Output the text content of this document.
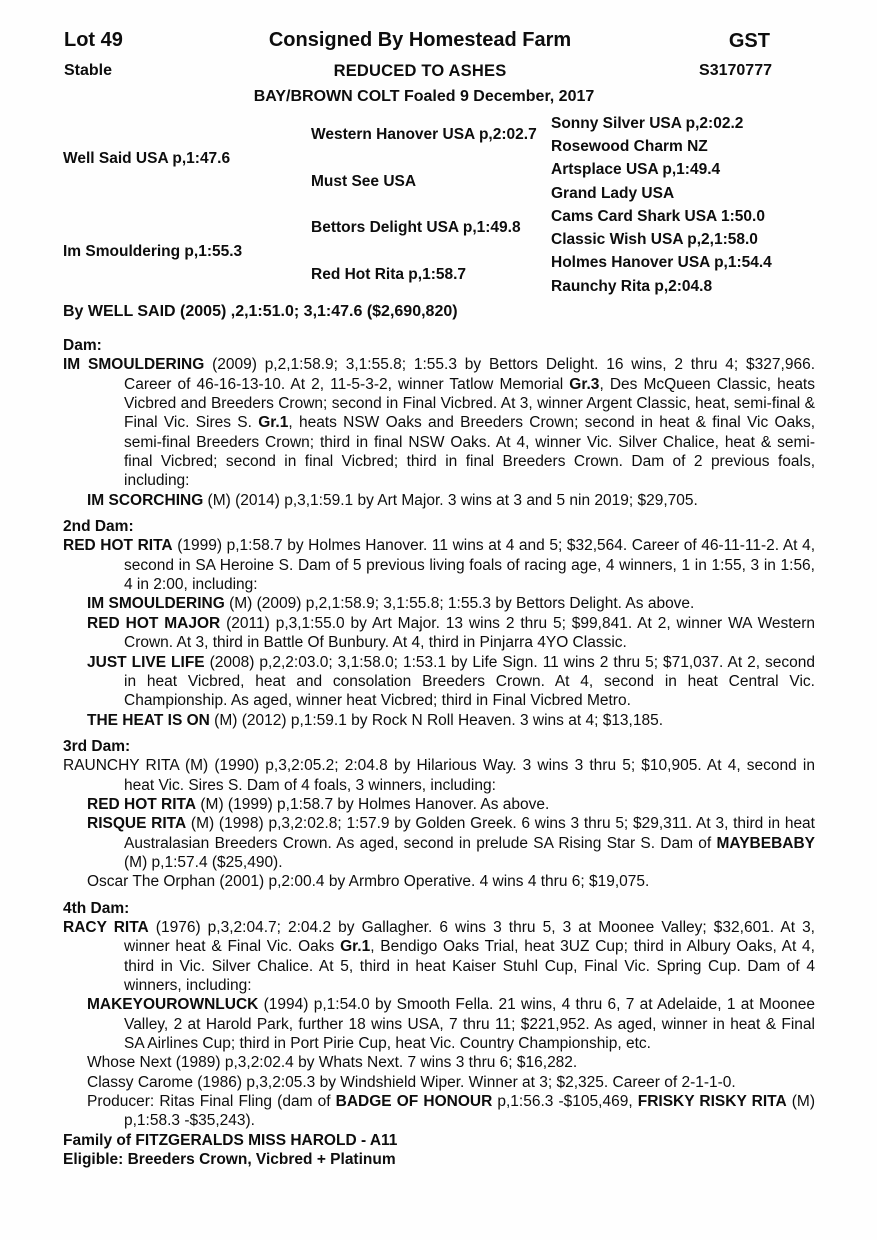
Lot 49	Consigned By Homestead Farm	GST
Stable	REDUCED TO ASHES	S3170777
BAY/BROWN COLT Foaled 9 December, 2017
Well Said USA p,1:47.6
Im Smouldering p,1:55.3
Western Hanover USA p,2:02.7
Must See USA
Bettors Delight USA p,1:49.8
Red Hot Rita p,1:58.7
Sonny Silver USA p,2:02.2
Rosewood Charm NZ
Artsplace USA p,1:49.4
Grand Lady USA
Cams Card Shark USA 1:50.0
Classic Wish USA p,2,1:58.0
Holmes Hanover USA p,1:54.4
Raunchy Rita p,2:04.8
By WELL SAID (2005) ,2,1:51.0; 3,1:47.6 ($2,690,820)

Dam:

IM SMOULDERING (2009) p,2,1:58.9; 3,1:55.8; 1:55.3 by Bettors Delight. 16 wins, 2 thru 4; $327,966. Career of 46-16-13-10. At 2, 11-5-3-2, winner Tatlow Memorial Gr.3, Des McQueen Classic, heats Vicbred and Breeders Crown; second in Final Vicbred. At 3, winner Argent Classic, heat, semi-final & Final Vic. Sires S. Gr.1, heats NSW Oaks and Breeders Crown; second in heat & final Vic Oaks, semi-final Breeders Crown; third in final NSW Oaks. At 4, winner Vic. Silver Chalice, heat & semi-final Vicbred; second in final Vicbred; third in final Breeders Crown. Dam of 2 previous foals, including:

IM SCORCHING (M) (2014) p,3,1:59.1 by Art Major. 3 wins at 3 and 5 nin 2019; $29,705.

2nd Dam:

RED HOT RITA (1999) p,1:58.7 by Holmes Hanover. 11 wins at 4 and 5; $32,564. Career of 46-11-11-2. At 4, second in SA Heroine S. Dam of 5 previous living foals of racing age, 4 winners, 1 in 1:55, 3 in 1:56, 4 in 2:00, including:

IM SMOULDERING (M) (2009) p,2,1:58.9; 3,1:55.8; 1:55.3 by Bettors Delight. As above.

RED HOT MAJOR (2011) p,3,1:55.0 by Art Major. 13 wins 2 thru 5; $99,841. At 2, winner WA Western Crown. At 3, third in Battle Of Bunbury. At 4, third in Pinjarra 4YO Classic.

JUST LIVE LIFE (2008) p,2,2:03.0; 3,1:58.0; 1:53.1 by Life Sign. 11 wins 2 thru 5; $71,037. At 2, second in heat Vicbred, heat and consolation Breeders Crown. At 4, second in heat Central Vic. Championship. As aged, winner heat Vicbred; third in Final Vicbred Metro.

THE HEAT IS ON (M) (2012) p,1:59.1 by Rock N Roll Heaven. 3 wins at 4; $13,185.

3rd Dam:

RAUNCHY RITA (M) (1990) p,3,2:05.2; 2:04.8 by Hilarious Way. 3 wins 3 thru 5; $10,905. At 4, second in heat Vic. Sires S. Dam of 4 foals, 3 winners, including:

RED HOT RITA (M) (1999) p,1:58.7 by Holmes Hanover. As above.

RISQUE RITA (M) (1998) p,3,2:02.8; 1:57.9 by Golden Greek. 6 wins 3 thru 5; $29,311. At 3, third in heat Australasian Breeders Crown. As aged, second in prelude SA Rising Star S. Dam of MAYBEBABY (M) p,1:57.4 ($25,490).

Oscar The Orphan (2001) p,2:00.4 by Armbro Operative. 4 wins 4 thru 6; $19,075.

4th Dam:

RACY RITA (1976) p,3,2:04.7; 2:04.2 by Gallagher. 6 wins 3 thru 5, 3 at Moonee Valley; $32,601. At 3, winner heat & Final Vic. Oaks Gr.1, Bendigo Oaks Trial, heat 3UZ Cup; third in Albury Oaks, At 4, third in Vic. Silver Chalice. At 5, third in heat Kaiser Stuhl Cup, Final Vic. Spring Cup. Dam of 4 winners, including:

MAKEYOUROWNLUCK (1994) p,1:54.0 by Smooth Fella. 21 wins, 4 thru 6, 7 at Adelaide, 1 at Moonee Valley, 2 at Harold Park, further 18 wins USA, 7 thru 11; $221,952. As aged, winner in heat & Final SA Airlines Cup; third in Port Pirie Cup, heat Vic. Country Championship, etc.

Whose Next (1989) p,3,2:02.4 by Whats Next. 7 wins 3 thru 6; $16,282.

Classy Carome (1986) p,3,2:05.3 by Windshield Wiper. Winner at 3; $2,325. Career of 2-1-1-0.

Producer: Ritas Final Fling (dam of BADGE OF HONOUR p,1:56.3 -$105,469, FRISKY RISKY RITA (M) p,1:58.3 -$35,243).

Family of FITZGERALDS MISS HAROLD - A11

Eligible: Breeders Crown, Vicbred + Platinum
